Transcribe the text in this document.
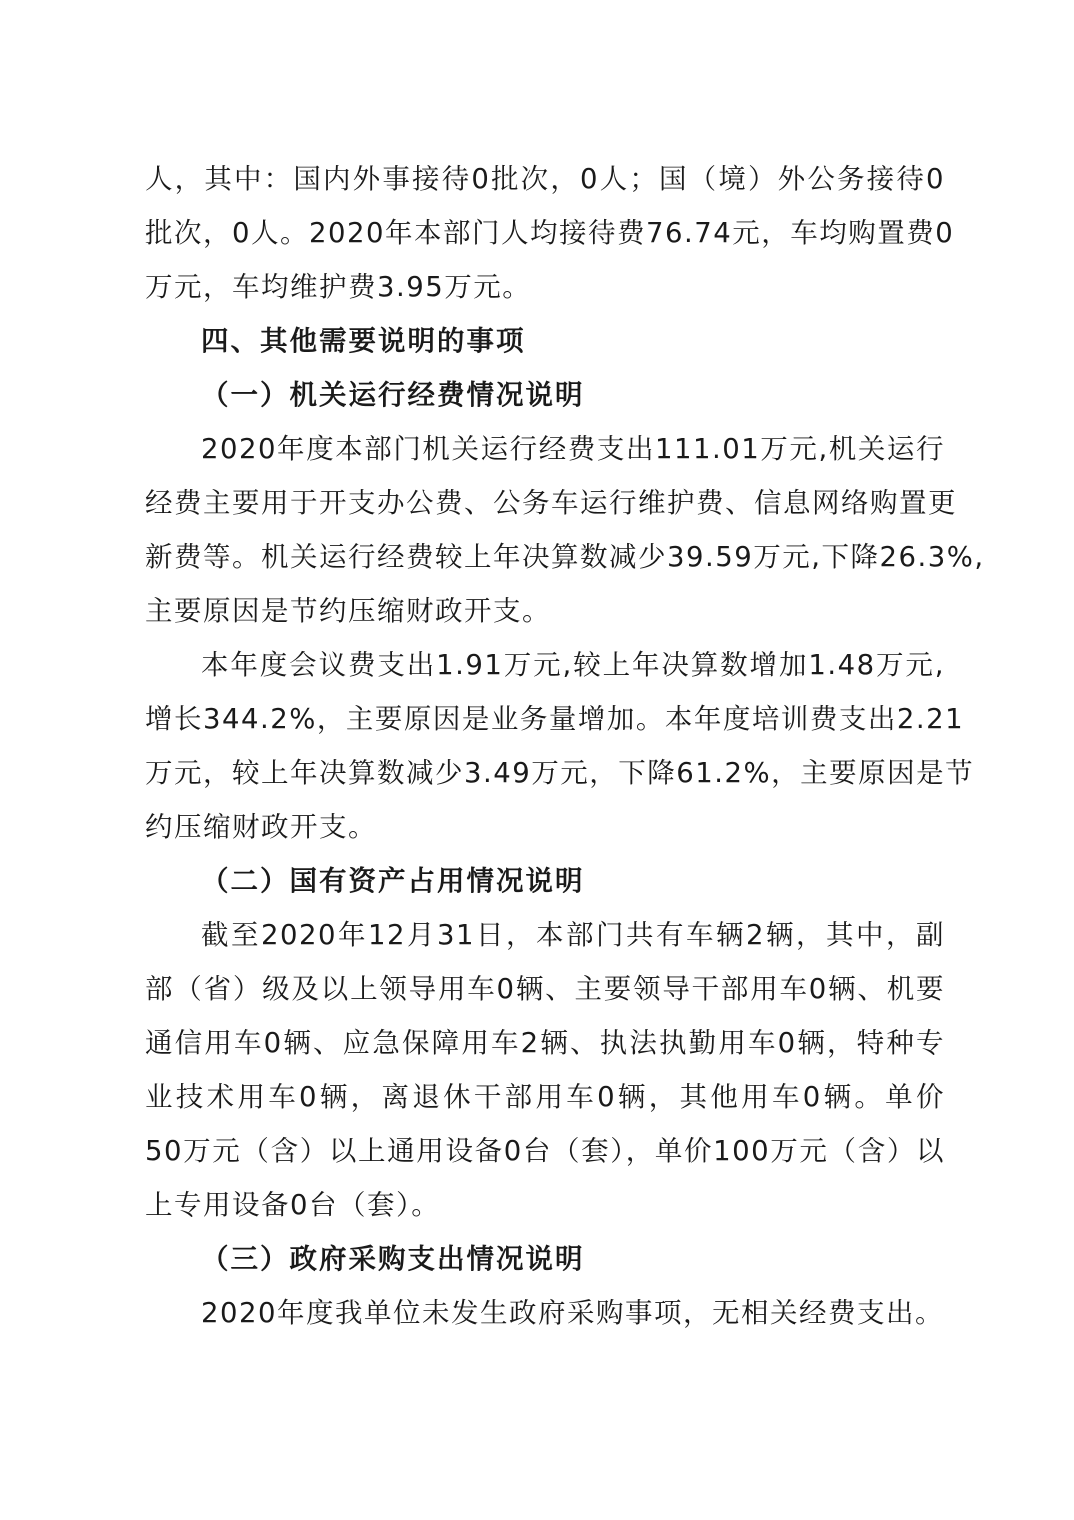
人，其中：国内外事接待0批次，0人；国（境）外公务接待0
批次，0人。2020年本部门人均接待费76.74元，车均购置费0
万元，车均维护费3.95万元。
四、其他需要说明的事项
（一）机关运行经费情况说明
2020年度本部门机关运行经费支出111.01万元,机关运行
经费主要用于开支办公费、公务车运行维护费、信息网络购置更
新费等。机关运行经费较上年决算数减少39.59万元,下降26.3%,
主要原因是节约压缩财政开支。
本年度会议费支出1.91万元,较上年决算数增加1.48万元,
增长344.2%，主要原因是业务量增加。本年度培训费支出2.21
万元，较上年决算数减少3.49万元，下降61.2%，主要原因是节
约压缩财政开支。
（二）国有资产占用情况说明
截至2020年12月31日，本部门共有车辆2辆，其中，副
部（省）级及以上领导用车0辆、主要领导干部用车0辆、机要
通信用车0辆、应急保障用车2辆、执法执勤用车0辆，特种专
业技术用车0辆，离退休干部用车0辆，其他用车0辆。单价
50万元（含）以上通用设备0台（套），单价100万元（含）以
上专用设备0台（套）。
（三）政府采购支出情况说明
2020年度我单位未发生政府采购事项，无相关经费支出。
